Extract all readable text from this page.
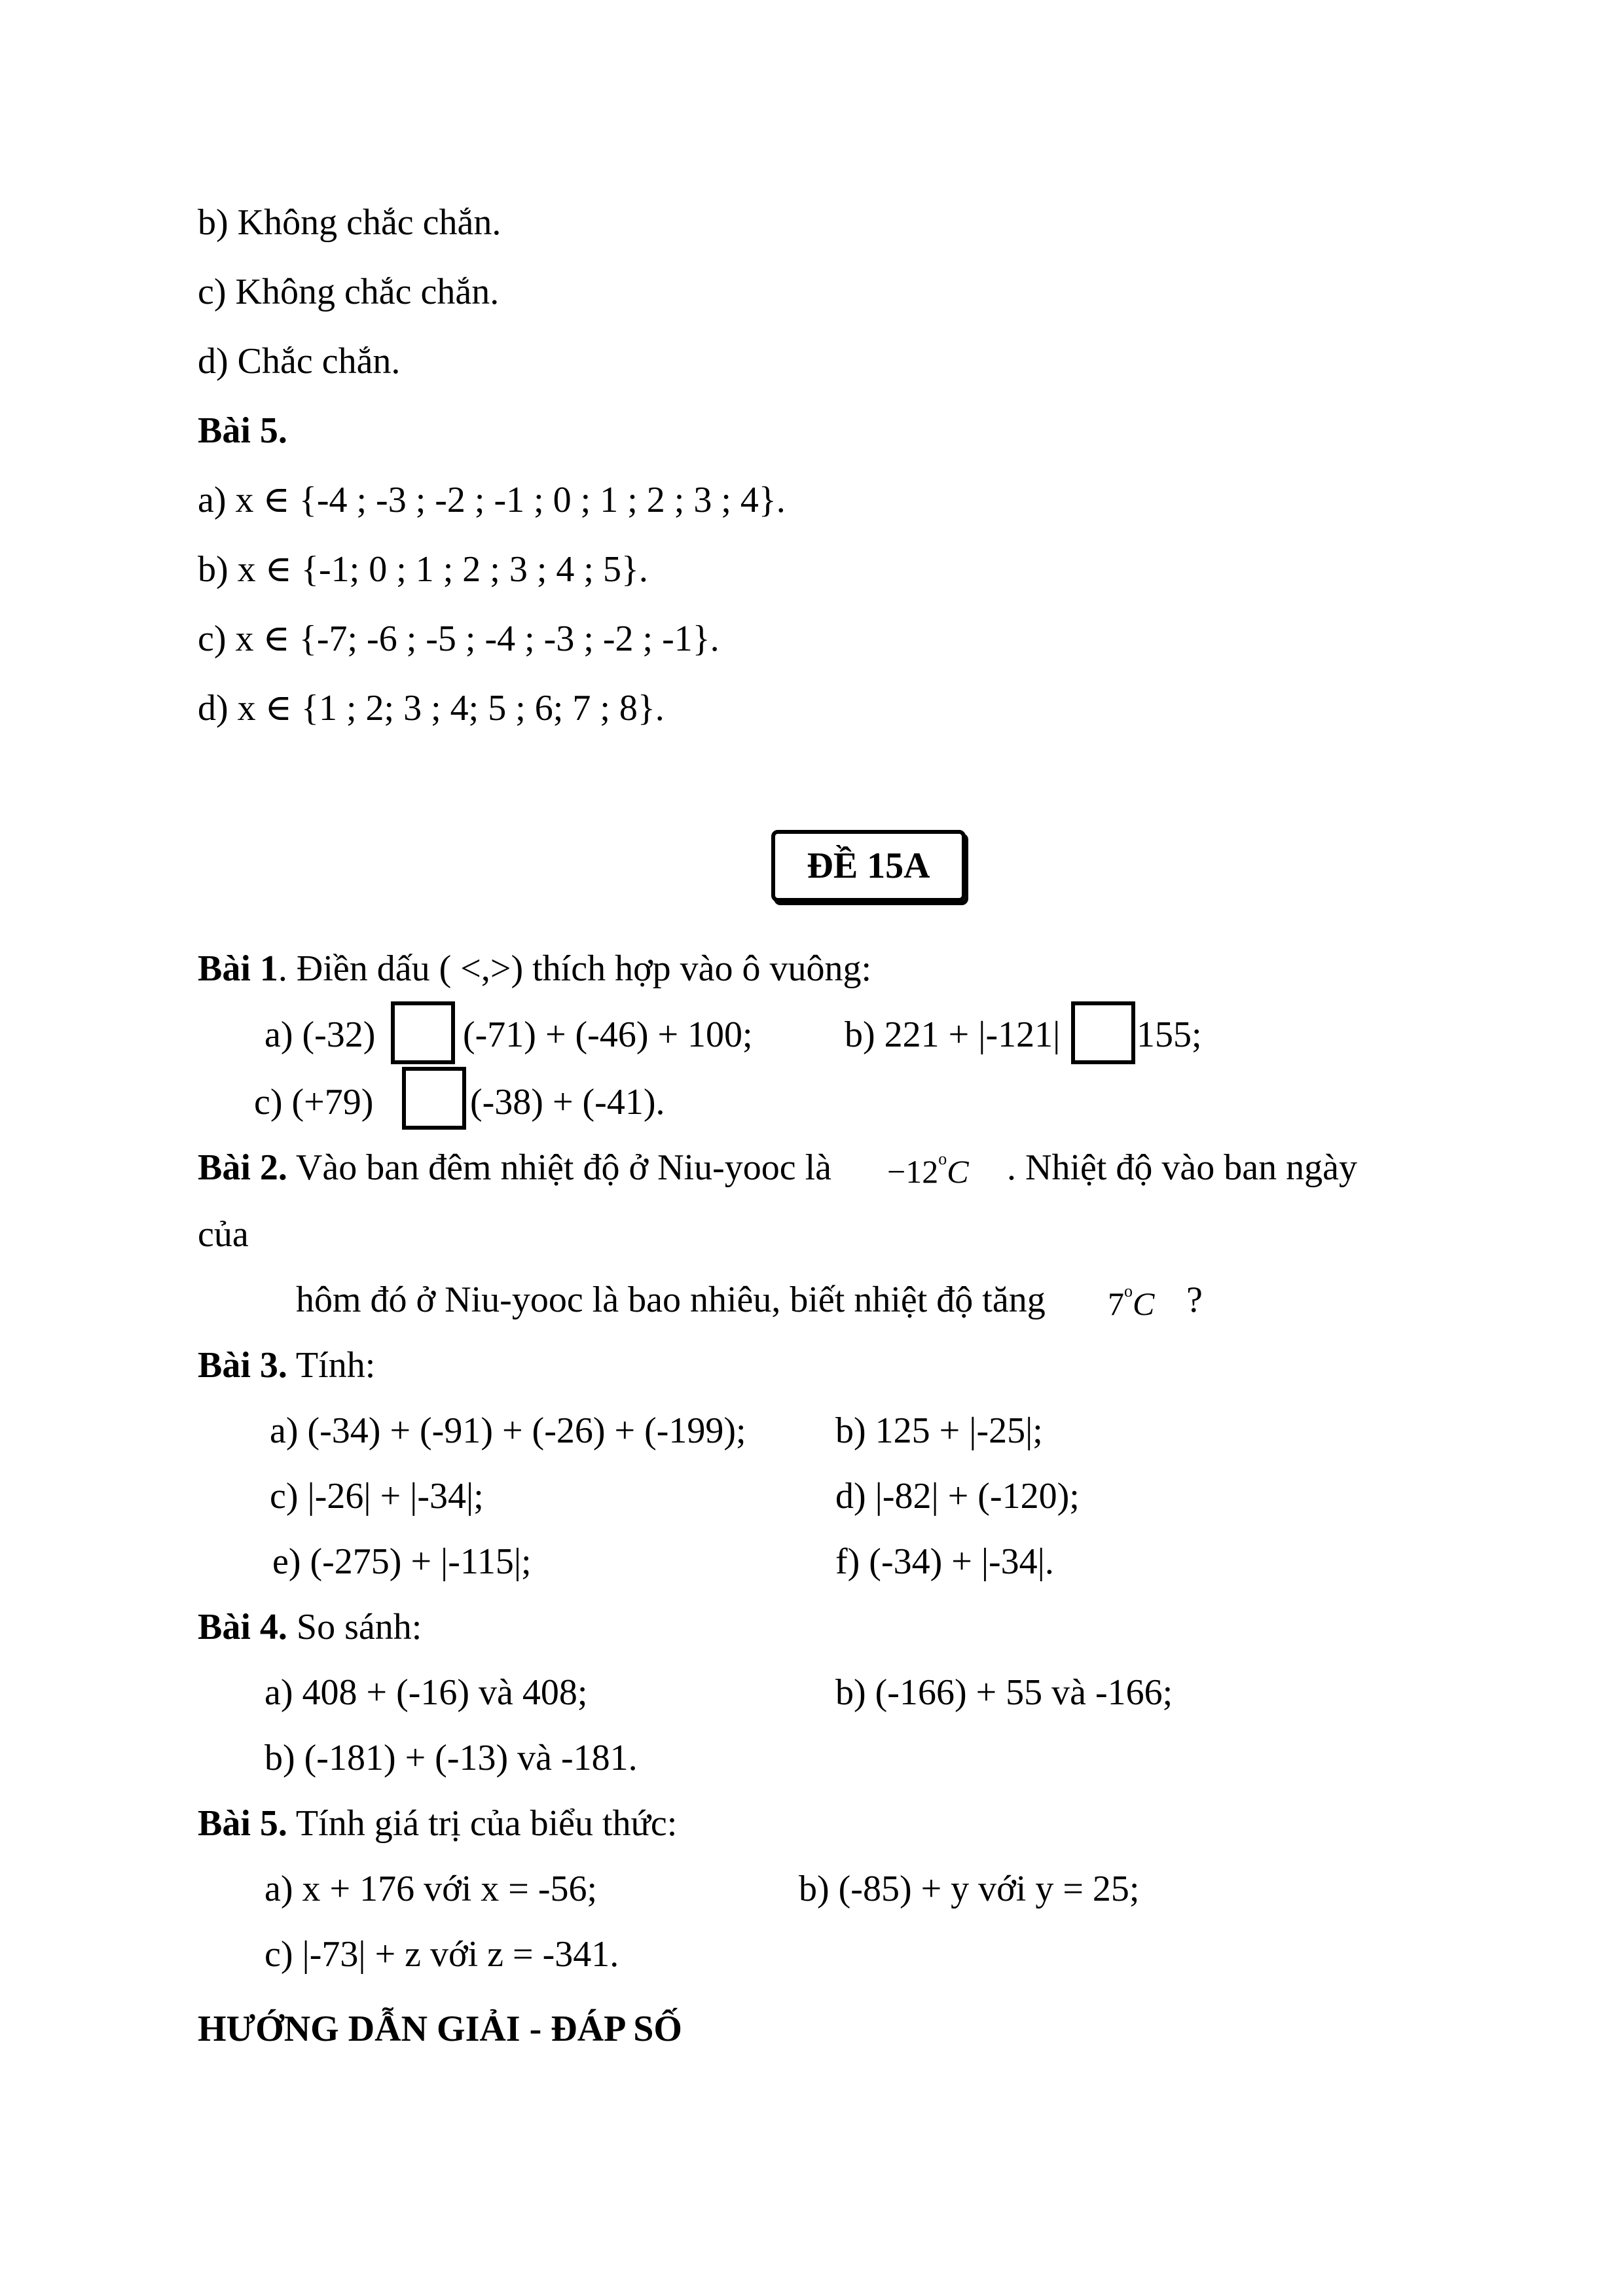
b) Không chắc chắn.
c) Không chắc chắn.
d) Chắc chắn.
Bài 5.
a) x ∈ {-4 ; -3 ; -2 ; -1 ; 0 ; 1 ; 2 ; 3 ; 4}.
b) x ∈ {-1; 0 ; 1 ; 2 ; 3 ; 4 ; 5}.
c) x ∈ {-7; -6 ; -5 ; -4 ; -3 ; -2 ; -1}.
d) x ∈ {1 ; 2; 3 ; 4; 5 ; 6; 7 ; 8}.
ĐỀ 15A
Bài 1. Điền dấu ( <,>) thích hợp vào ô vuông:
a) (-32) (-71) + (-46) + 100;	b) 221 + |-121| 155;
c) (+79)	(-38) + (-41).
Bài 2. Vào ban đêm nhiệt độ ở Niu-yooc là $-12^oC$ . Nhiệt độ vào ban ngày
của
hôm đó ở Niu-yooc là bao nhiêu, biết nhiệt độ tăng 7$^o$C ?
Bài 3. Tính:
a) (-34) + (-91) + (-26) + (-199); b) 125 + |-25|;
c) |-26| + |-34|;	d) |-82| + (-120);
e) (-275) + |-115|;	f) (-34) + |-34|.
Bài 4. So sánh:
a) 408 + (-16) và 408;	b) (-166) + 55 và -166;
b) (-181) + (-13) và -181.
Bài 5. Tính giá trị của biểu thức:
a) x + 176 với x = -56;	b) (-85) + y với y = 25;
c) |-73| + z với z = -341.
HƯỚNG DẪN GIẢI - ĐÁP SỐ
